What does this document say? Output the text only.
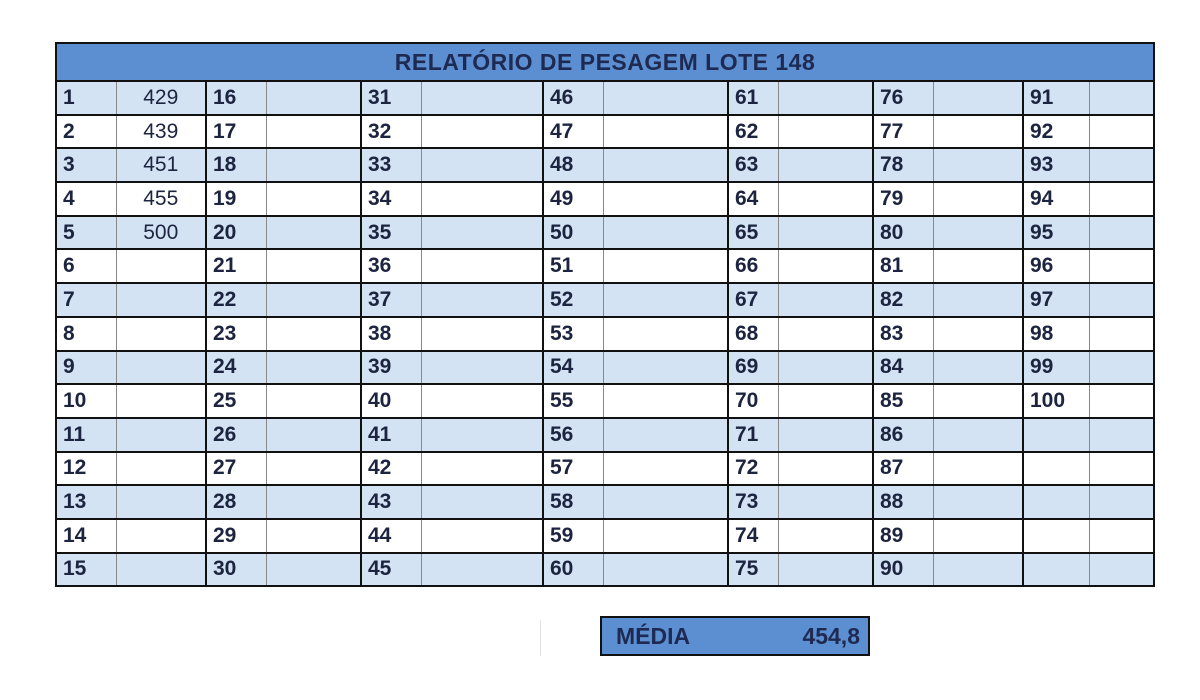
RELATÓRIO DE PESAGEM LOTE 148													
1	429	16		31		46		61		76		91	
2	439	17		32		47		62		77		92	
3	451	18		33		48		63		78		93	
4	455	19		34		49		64		79		94	
5	500	20		35		50		65		80		95	
6		21		36		51		66		81		96	
7		22		37		52		67		82		97	
8		23		38		53		68		83		98	
9		24		39		54		69		84		99	
10		25		40		55		70		85		100	
11		26		41		56		71		86			
12		27		42		57		72		87			
13		28		43		58		73		88			
14		29		44		59		74		89			
15		30		45		60		75		90			
MÉDIA	454,8
